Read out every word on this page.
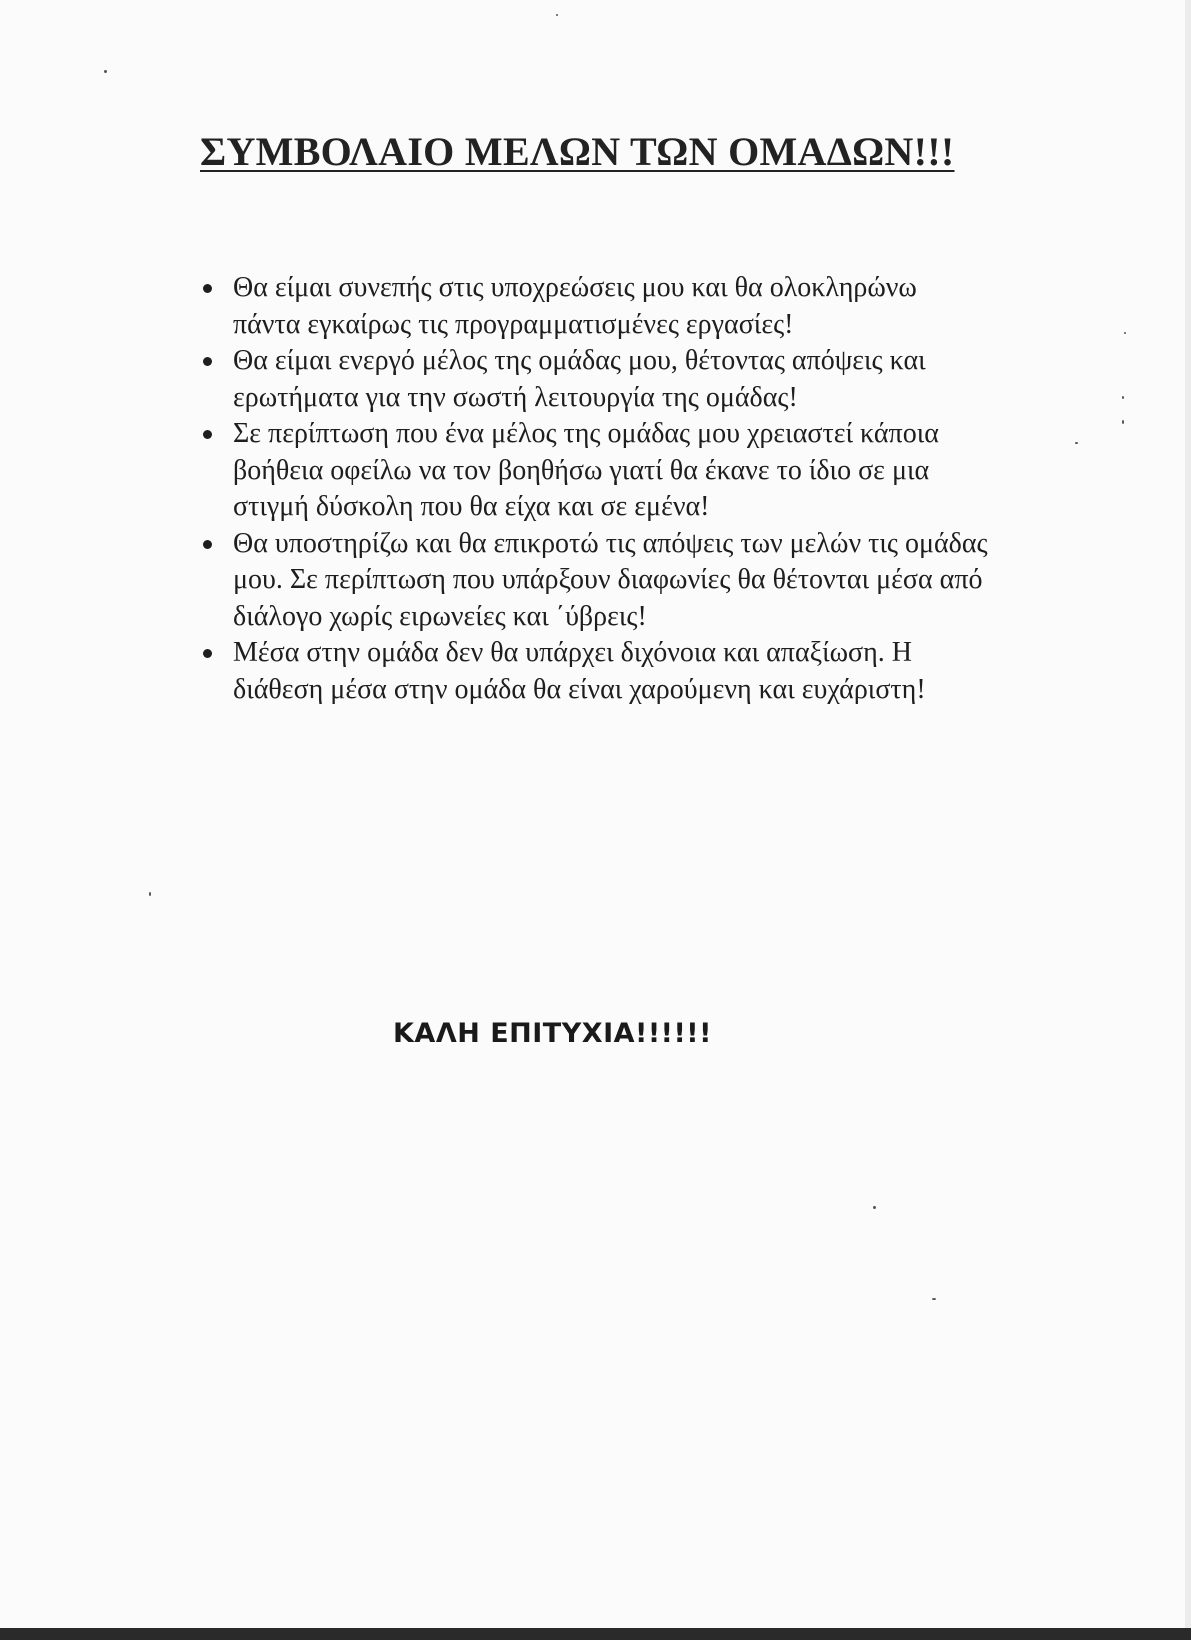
ΣΥΜΒΟΛΑΙΟ ΜΕΛΩΝ ΤΩΝ ΟΜΑΔΩΝ!!!
Θα είμαι συνεπής στις υποχρεώσεις μου και θα ολοκληρώνω πάντα εγκαίρως τις προγραμματισμένες εργασίες!
Θα είμαι ενεργό μέλος της ομάδας μου, θέτοντας απόψεις και ερωτήματα για την σωστή λειτουργία της ομάδας!
Σε περίπτωση που ένα μέλος της ομάδας μου χρειαστεί κάποια βοήθεια οφείλω να τον βοηθήσω γιατί θα έκανε το ίδιο σε μια στιγμή δύσκολη που θα είχα και σε εμένα!
Θα υποστηρίζω και θα επικροτώ τις απόψεις των μελών τις ομάδας μου. Σε περίπτωση που υπάρξουν διαφωνίες θα θέτονται μέσα από διάλογο χωρίς ειρωνείες και ΄ύβρεις!
Μέσα στην ομάδα δεν θα υπάρχει διχόνοια και απαξίωση. Η διάθεση μέσα στην ομάδα θα είναι χαρούμενη και ευχάριστη!

ΚΑΛΗ ΕΠΙΤΥΧΙΑ!!!!!!
